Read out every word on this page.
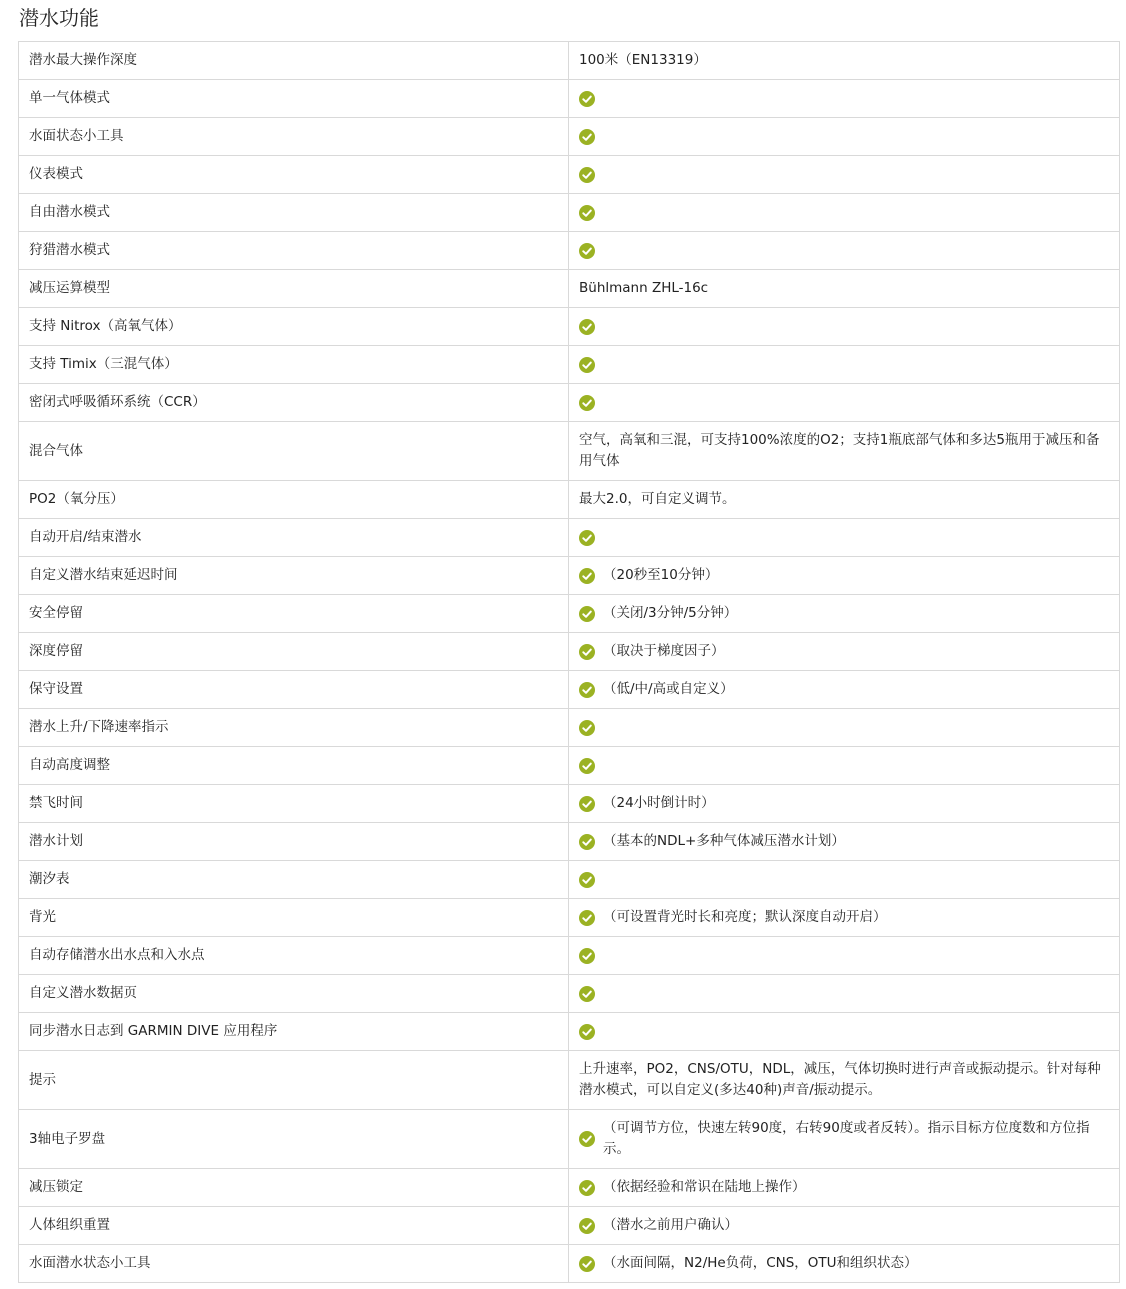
潜水功能
潜水最大操作深度	100米（EN13319）

单一气体模式	

水面状态小工具	

仪表模式	

自由潜水模式	

狩猎潜水模式	

减压运算模型	Bühlmann ZHL-16c

支持 Nitrox（高氧气体）	

支持 Timix（三混气体）	

密闭式呼吸循环系统（CCR）	

混合气体	空气，高氧和三混，可支持100%浓度的O2；支持1瓶底部气体和多达5瓶用于减压和备用气体

PO2（氧分压）	最大2.0，可自定义调节。

自动开启/结束潜水	

自定义潜水结束延迟时间	（20秒至10分钟）

安全停留	（关闭/3分钟/5分钟）

深度停留	（取决于梯度因子）

保守设置	（低/中/高或自定义）

潜水上升/下降速率指示	

自动高度调整	

禁飞时间	（24小时倒计时）

潜水计划	（基本的NDL+多种气体减压潜水计划）

潮汐表	

背光	（可设置背光时长和亮度；默认深度自动开启）

自动存储潜水出水点和入水点	

自定义潜水数据页	

同步潜水日志到 GARMIN DIVE 应用程序	

提示	上升速率，PO2，CNS/OTU，NDL，减压，气体切换时进行声音或振动提示。针对每种潜水模式，可以自定义(多达40种)声音/振动提示。

3轴电子罗盘	（可调节方位，快速左转90度，右转90度或者反转）。指示目标方位度数和方位指示。

减压锁定	（依据经验和常识在陆地上操作）

人体组织重置	（潜水之前用户确认）

水面潜水状态小工具	（水面间隔，N2/He负荷，CNS，OTU和组织状态）
